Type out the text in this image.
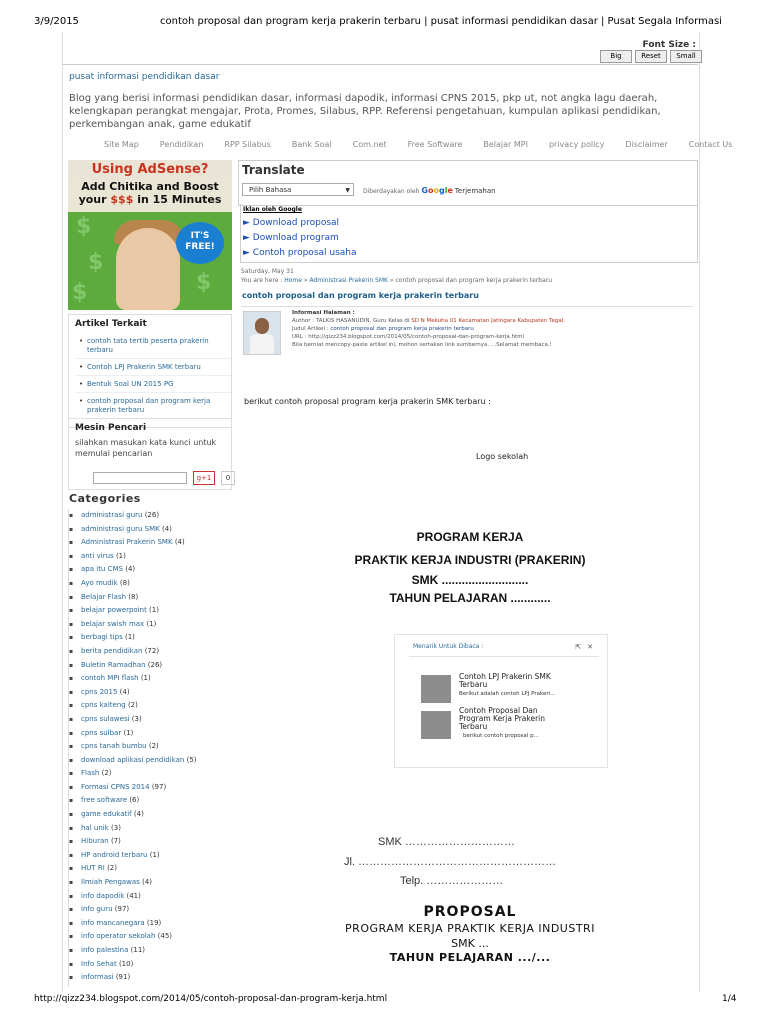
3/9/2015	contoh proposal dan program kerja prakerin terbaru | pusat informasi pendidikan dasar | Pusat Segala Informasi
Font Size :
Big	Reset	Small
pusat informasi pendidikan dasar
Blog yang berisi informasi pendidikan dasar, informasi dapodik, informasi CPNS 2015, pkp ut, not angka lagu daerah, kelengkapan perangkat mengajar, Prota, Promes, Silabus, RPP. Referensi pengetahuan, kumpulan aplikasi pendidikan, perkembangan anak, game edukatif
Site Map	Pendidikan	RPP Silabus	Bank Soal	Com.net	Free Software	Belajar MPI	privacy policy	Disclaimer	Contact Us
Using AdSense?
Add Chitika and Boost
your $$$ in 15 Minutes
$
$
$	$
IT'S
FREE!
Artikel Terkait
• contoh tata tertib peserta prakerin terbaru
• Contoh LPJ Prakerin SMK terbaru
• Bentuk Soal UN 2015 PG
• contoh proposal dan program kerja prakerin terbaru
Mesin Pencari
silahkan masukan kata kunci untuk memulai pencarian
g+1	0
Categories
▪ administrasi guru (26)
▪ administrasi guru SMK (4)
▪ Administrasi Prakerin SMK (4)
▪ anti virus (1)
▪ apa itu CMS (4)
▪ Ayo mudik (8)
▪ Belajar Flash (8)
▪ belajar powerpoint (1)
▪ belajar swish max (1)
▪ berbagi tips (1)
▪ berita pendidikan (72)
▪ Buletin Ramadhan (26)
▪ contoh MPI flash (1)
▪ cpns 2015 (4)
▪ cpns kalteng (2)
▪ cpns sulawesi (3)
▪ cpns sulbar (1)
▪ cpns tanah bumbu (2)
▪ download aplikasi pendidikan (5)
▪ Flash (2)
▪ Formasi CPNS 2014 (97)
▪ free software (6)
▪ game edukatif (4)
▪ hal unik (3)
▪ Hiburan (7)
▪ HP android terbaru (1)
▪ HUT RI (2)
▪ Ilmiah Pengawas (4)
▪ info dapodik (41)
▪ info guru (97)
▪ info mancanegara (19)
▪ info operator sekolah (45)
▪ info palestina (11)
▪ Info Sehat (10)
▪ informasi (91)
Translate
Pilih Bahasa	▼ Diberdayakan oleh Google Terjemahan
Iklan oleh Google
► Download proposal
► Download program
► Contoh proposal usaha
Saturday, May 31
You are here : Home » Administrasi Prakerin SMK » contoh proposal dan program kerja prakerin terbaru
contoh proposal dan program kerja prakerin terbaru
Informasi Halaman :
Author : TALKIS HASANUDIN, Guru Kelas di SD N Mekuha 01 Kecamatan Jatingara Kabupaten Tegal.
Judul Artikel : contoh proposal dan program kerja prakerin terbaru
URL : http://qizz234.blogspot.com/2014/05/contoh-proposal-dan-program-kerja.html
Bila berniat mencopy-paste artikel ini, mohon sertakan link sumbernya. ...Selamat membaca.!
berikut contoh proposal program kerja prakerin SMK terbaru :
Logo sekolah
PROGRAM KERJA
PRAKTIK KERJA INDUSTRI (PRAKERIN)
SMK ..........................
TAHUN PELAJARAN ............
Menarik Untuk Dibaca :	⇱✕
Contoh LPJ Prakerin SMK Terbaru
Berikut adalah contoh LPJ Prakeri...
Contoh Proposal Dan Program Kerja Prakerin Terbaru
berikut contoh proposal p...
SMK …………………………
Jl. ………………………………………………
Telp. …………………
PROPOSAL
PROGRAM KERJA PRAKTIK KERJA INDUSTRI
SMK ...
TAHUN PELAJARAN .../...
http://qizz234.blogspot.com/2014/05/contoh-proposal-dan-program-kerja.html	1/4
